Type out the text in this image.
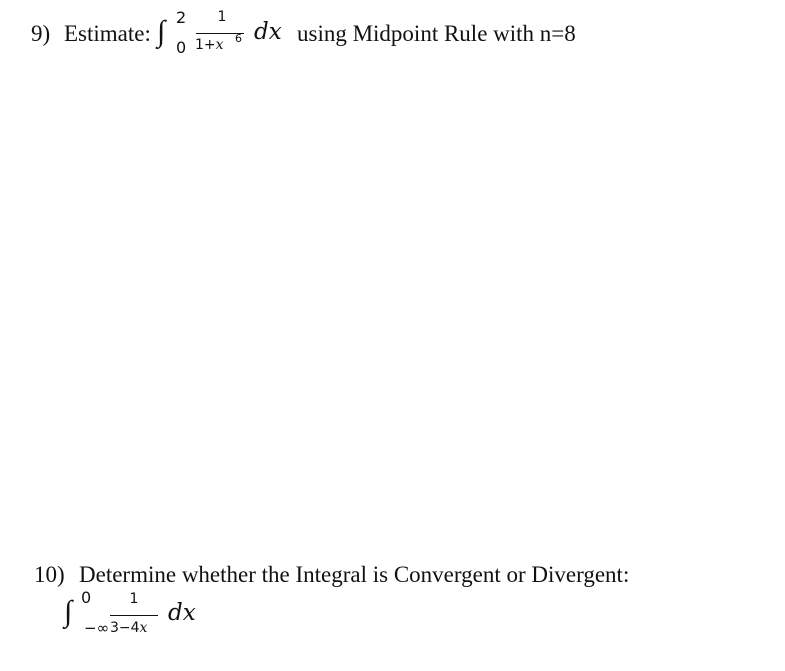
9) Estimate: ∫ 2
0
1
1+x 6 dx using Midpoint Rule with n=8
10) Determine whether the Integral is Convergent or Divergent:
∫ 0
−∞
1
3−4x
dx
